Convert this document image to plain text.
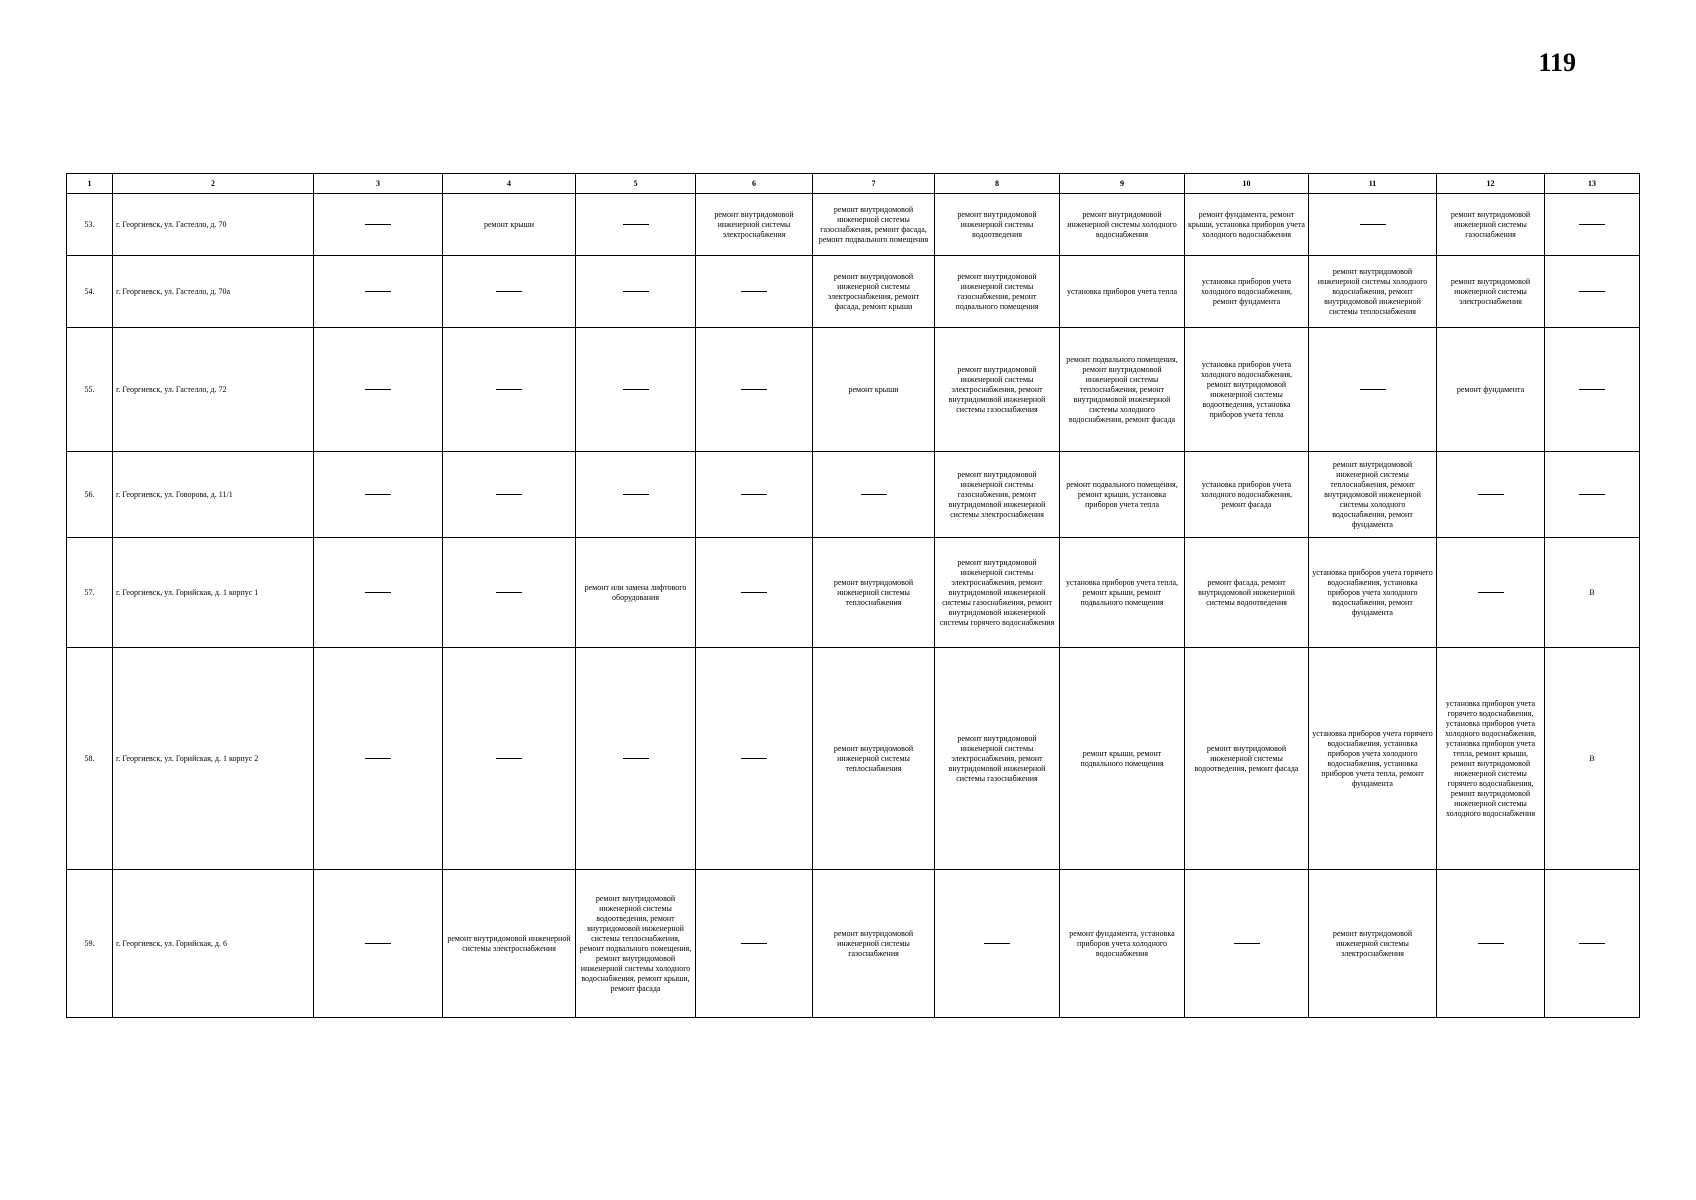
119
1	2	3	4	5	6	7	8	9	10	11	12	13
53.	г. Георгиевск, ул. Гастелло, д. 70		ремонт крыши		ремонт внутридомовой инженерной системы электроснабжения	ремонт внутридомовой инженерной системы газоснабжения, ремонт фасада, ремонт подвального помещения	ремонт внутридомовой инженерной системы водоотведения	ремонт внутридомовой инженерной системы холодного водоснабжения	ремонт фундамента, ремонт крыши, установка приборов учета холодного водоснабжения		ремонт внутридомовой инженерной системы газоснабжения	
54.	г. Георгиевск, ул. Гастелло, д. 70а					ремонт внутридомовой инженерной системы электроснабжения, ремонт фасада, ремонт крыши	ремонт внутридомовой инженерной системы газоснабжения, ремонт подвального помещения	установка приборов учета тепла	установка приборов учета холодного водоснабжения, ремонт фундамента	ремонт внутридомовой инженерной системы холодного водоснабжения, ремонт внутридомовой инженерной системы теплоснабжения	ремонт внутридомовой инженерной системы электроснабжения	
55.	г. Георгиевск, ул. Гастелло, д. 72					ремонт крыши	ремонт внутридомовой инженерной системы электроснабжения, ремонт внутридомовой инженерной системы газоснабжения	ремонт подвального помещения, ремонт внутридомовой инженерной системы теплоснабжения, ремонт внутридомовой инженерной системы холодного водоснабжения, ремонт фасада	установка приборов учета холодного водоснабжения, ремонт внутридомовой инженерной системы водоотведения, установка приборов учета тепла		ремонт фундамента	
56.	г. Георгиевск, ул. Говорова, д. 11/1						ремонт внутридомовой инженерной системы газоснабжения, ремонт внутридомовой инженерной системы электроснабжения	ремонт подвального помещения, ремонт крыши, установка приборов учета тепла	установка приборов учета холодного водоснабжения, ремонт фасада	ремонт внутридомовой инженерной системы теплоснабжения, ремонт внутридомовой инженерной системы холодного водоснабжения, ремонт фундамента		
57.	г. Георгиевск, ул. Горийская, д. 1 корпус 1			ремонт или замена лифтового оборудования		ремонт внутридомовой инженерной системы теплоснабжения	ремонт внутридомовой инженерной системы электроснабжения, ремонт внутридомовой инженерной системы газоснабжения, ремонт внутридомовой инженерной системы горячего водоснабжения	установка приборов учета тепла, ремонт крыши, ремонт подвального помещения	ремонт фасада, ремонт внутридомовой инженерной системы водоотведения	установка приборов учета горячего водоснабжения, установка приборов учета холодного водоснабжения, ремонт фундамента		В
58.	г. Георгиевск, ул. Горийская, д. 1 корпус 2					ремонт внутридомовой инженерной системы теплоснабжения	ремонт внутридомовой инженерной системы электроснабжения, ремонт внутридомовой инженерной системы газоснабжения	ремонт крыши, ремонт подвального помещения	ремонт внутридомовой инженерной системы водоотведения, ремонт фасада	установка приборов учета горячего водоснабжения, установка приборов учета холодного водоснабжения, установка приборов учета тепла, ремонт фундамента	установка приборов учета горячего водоснабжения, установка приборов учета холодного водоснабжения, установка приборов учета тепла, ремонт крыши, ремонт внутридомовой инженерной системы горячего водоснабжения, ремонт внутридомовой инженерной системы холодного водоснабжения	В
59.	г. Георгиевск, ул. Горийская, д. 6		ремонт внутридомовой инженерной системы электроснабжения	ремонт внутридомовой инженерной системы водоотведения, ремонт внутридомовой инженерной системы теплоснабжения, ремонт подвального помещения, ремонт внутридомовой инженерной системы холодного водоснабжения, ремонт крыши, ремонт фасада		ремонт внутридомовой инженерной системы газоснабжения		ремонт фундамента, установка приборов учета холодного водоснабжения		ремонт внутридомовой инженерной системы электроснабжения		
